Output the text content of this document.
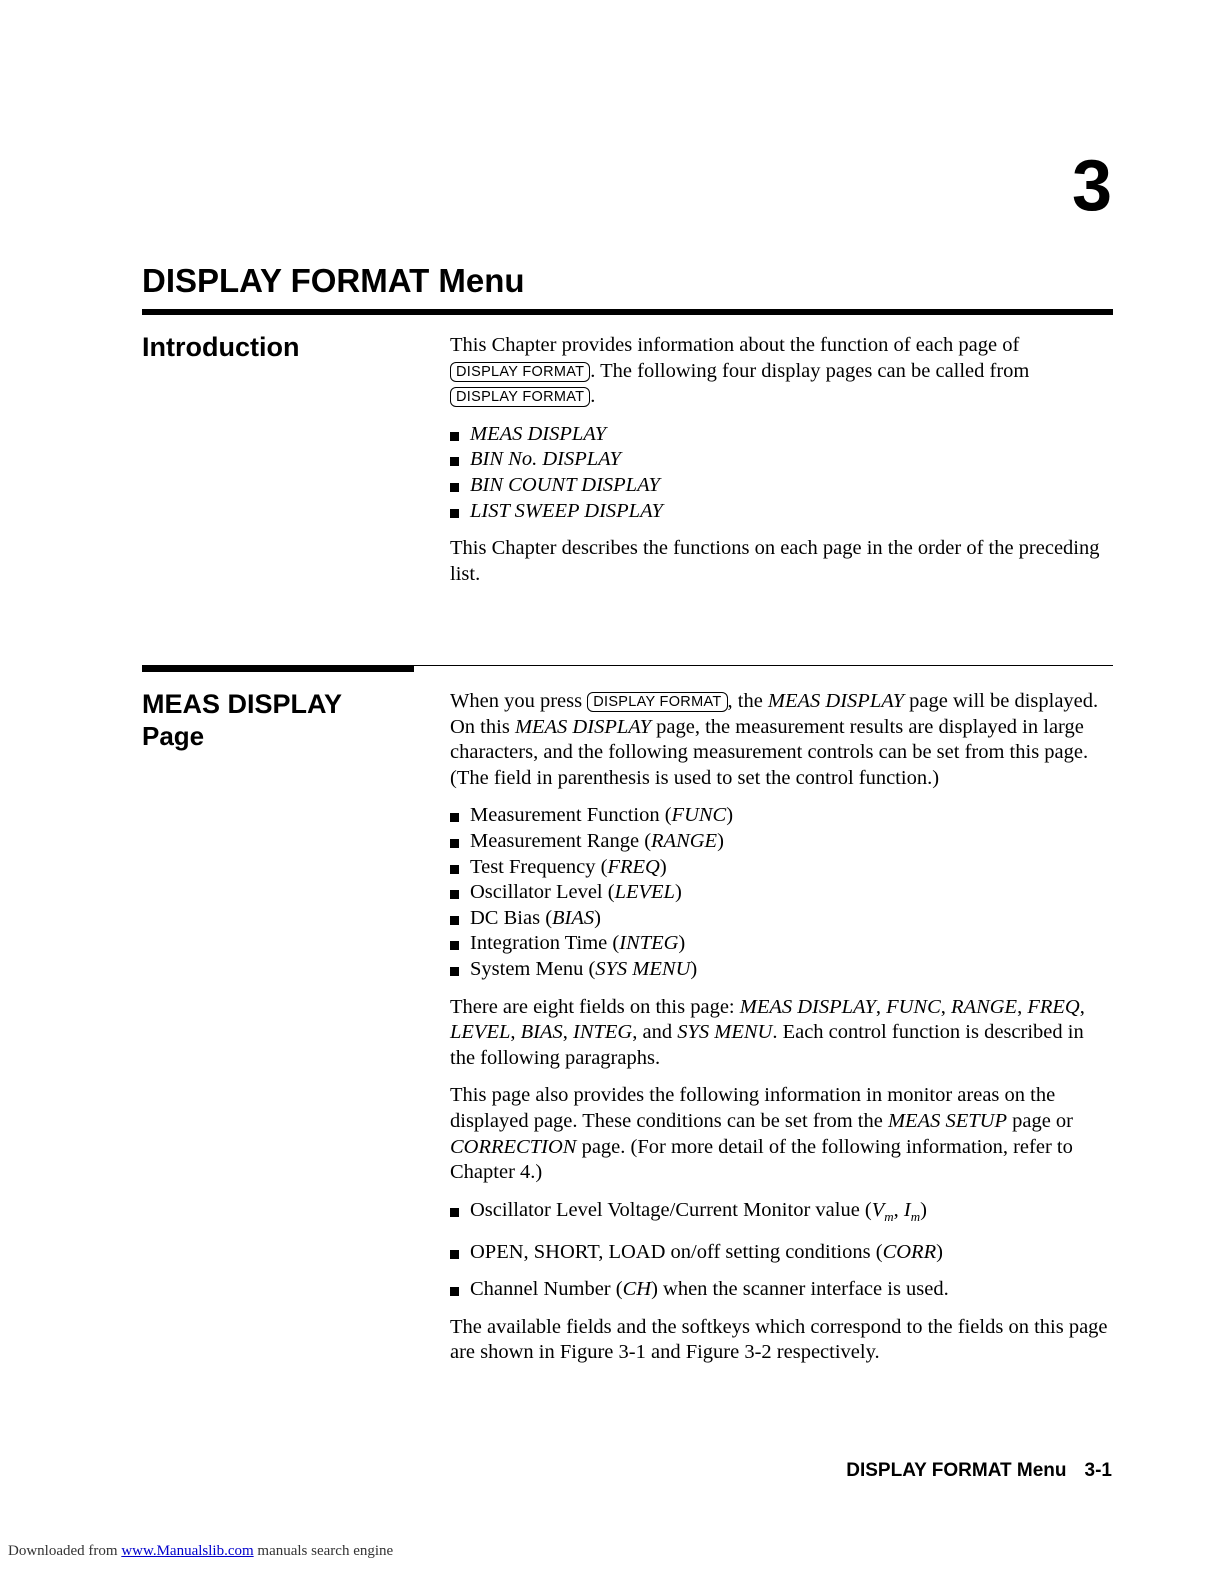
3
DISPLAY FORMAT Menu
Introduction	This Chapter provides information about the function of each page of DISPLAY FORMAT . The following four display pages can be called from DISPLAY FORMAT .

MEAS DISPLAY
BIN No. DISPLAY
BIN COUNT DISPLAY
LIST SWEEP DISPLAY

This Chapter describes the functions on each page in the order of the preceding list.

MEAS DISPLAY
Page

When you press DISPLAY FORMAT , the MEAS DISPLAY page will be displayed. On this MEAS DISPLAY page, the measurement results are displayed in large characters, and the following measurement controls can be set from this page. (The field in parenthesis is used to set the control function.)

Measurement Function (FUNC)
Measurement Range (RANGE)
Test Frequency (FREQ)
Oscillator Level (LEVEL)
DC Bias (BIAS)
Integration Time (INTEG)
System Menu (SYS MENU)

There are eight fields on this page: MEAS DISPLAY, FUNC, RANGE, FREQ, LEVEL, BIAS, INTEG, and SYS MENU. Each control function is described in the following paragraphs.

This page also provides the following information in monitor areas on the displayed page. These conditions can be set from the MEAS SETUP page or CORRECTION page. (For more detail of the following information, refer to Chapter 4.)

Oscillator Level Voltage/Current Monitor value ($V_m$, $I_m$)
OPEN, SHORT, LOAD on/off setting conditions (CORR)
Channel Number (CH) when the scanner interface is used.

The available fields and the softkeys which correspond to the fields on this page are shown in Figure 3-1 and Figure 3-2 respectively.

DISPLAY FORMAT Menu 3-1
Downloaded from www.Manualslib.com manuals search engine
